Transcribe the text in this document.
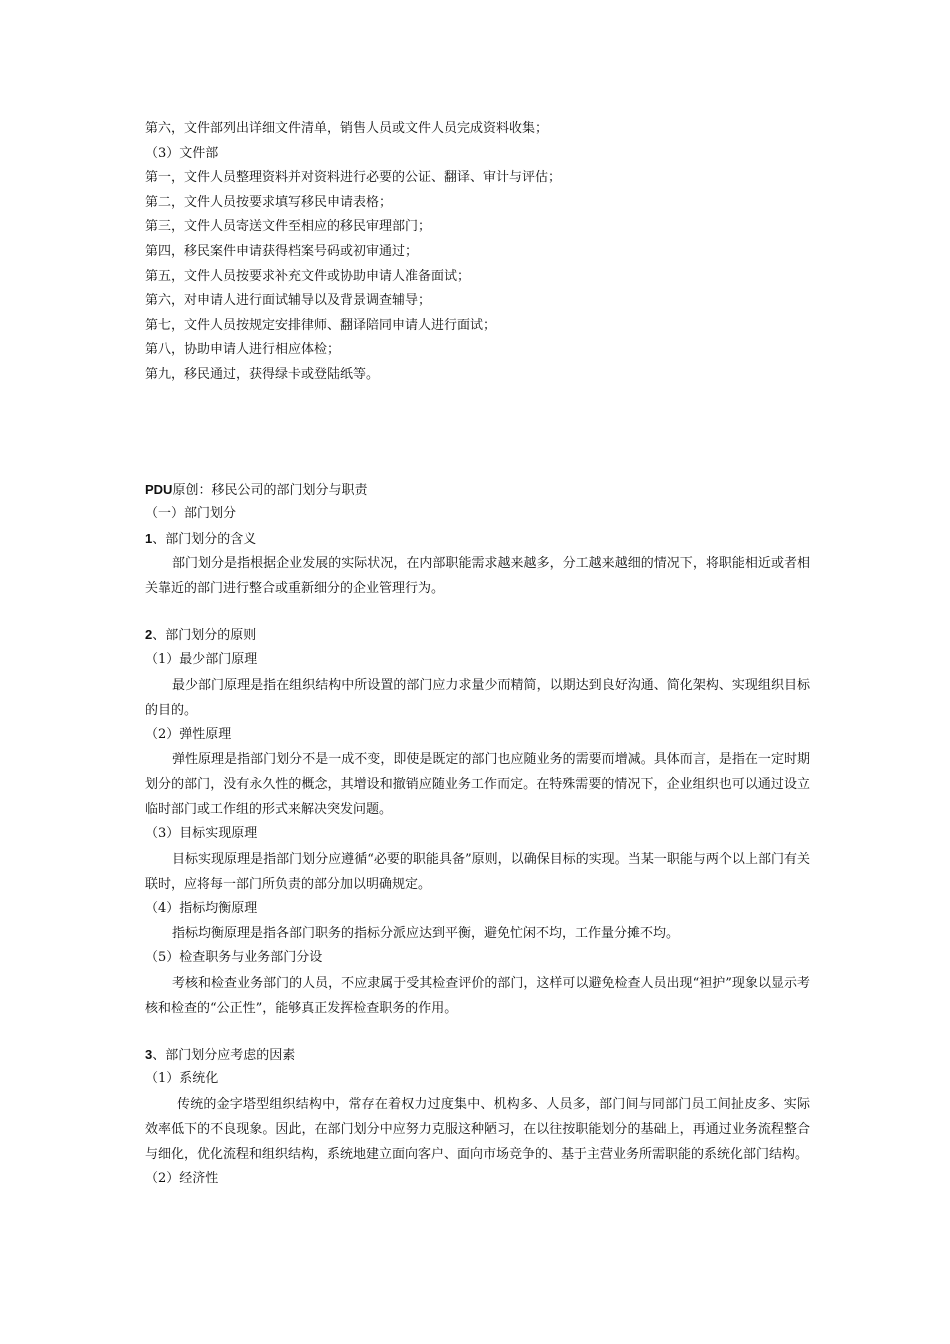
第六，文件部列出详细文件清单，销售人员或文件人员完成资料收集；
（3）文件部
第一，文件人员整理资料并对资料进行必要的公证、翻译、审计与评估；
第二，文件人员按要求填写移民申请表格；
第三，文件人员寄送文件至相应的移民审理部门；
第四，移民案件申请获得档案号码或初审通过；
第五，文件人员按要求补充文件或协助申请人准备面试；
第六，对申请人进行面试辅导以及背景调查辅导；
第七，文件人员按规定安排律师、翻译陪同申请人进行面试；
第八，协助申请人进行相应体检；
第九，移民通过，获得绿卡或登陆纸等。
PDU原创：移民公司的部门划分与职责
（一）部门划分
1、部门划分的含义
部门划分是指根据企业发展的实际状况，在内部职能需求越来越多，分工越来越细的情况下，将职能相近或者相关靠近的部门进行整合或重新细分的企业管理行为。
2、部门划分的原则
（1）最少部门原理
最少部门原理是指在组织结构中所设置的部门应力求量少而精简，以期达到良好沟通、简化架构、实现组织目标的目的。
（2）弹性原理
弹性原理是指部门划分不是一成不变，即使是既定的部门也应随业务的需要而增减。具体而言，是指在一定时期划分的部门，没有永久性的概念，其增设和撤销应随业务工作而定。在特殊需要的情况下，企业组织也可以通过设立临时部门或工作组的形式来解决突发问题。
（3）目标实现原理
目标实现原理是指部门划分应遵循“必要的职能具备”原则，以确保目标的实现。当某一职能与两个以上部门有关联时，应将每一部门所负责的部分加以明确规定。
（4）指标均衡原理
指标均衡原理是指各部门职务的指标分派应达到平衡，避免忙闲不均，工作量分摊不均。
（5）检查职务与业务部门分设
考核和检查业务部门的人员，不应隶属于受其检查评价的部门，这样可以避免检查人员出现“袒护”现象以显示考核和检查的“公正性”，能够真正发挥检查职务的作用。
3、部门划分应考虑的因素
（1）系统化
传统的金字塔型组织结构中，常存在着权力过度集中、机构多、人员多，部门间与同部门员工间扯皮多、实际效率低下的不良现象。因此，在部门划分中应努力克服这种陋习，在以往按职能划分的基础上，再通过业务流程整合与细化，优化流程和组织结构，系统地建立面向客户、面向市场竞争的、基于主营业务所需职能的系统化部门结构。
（2）经济性
